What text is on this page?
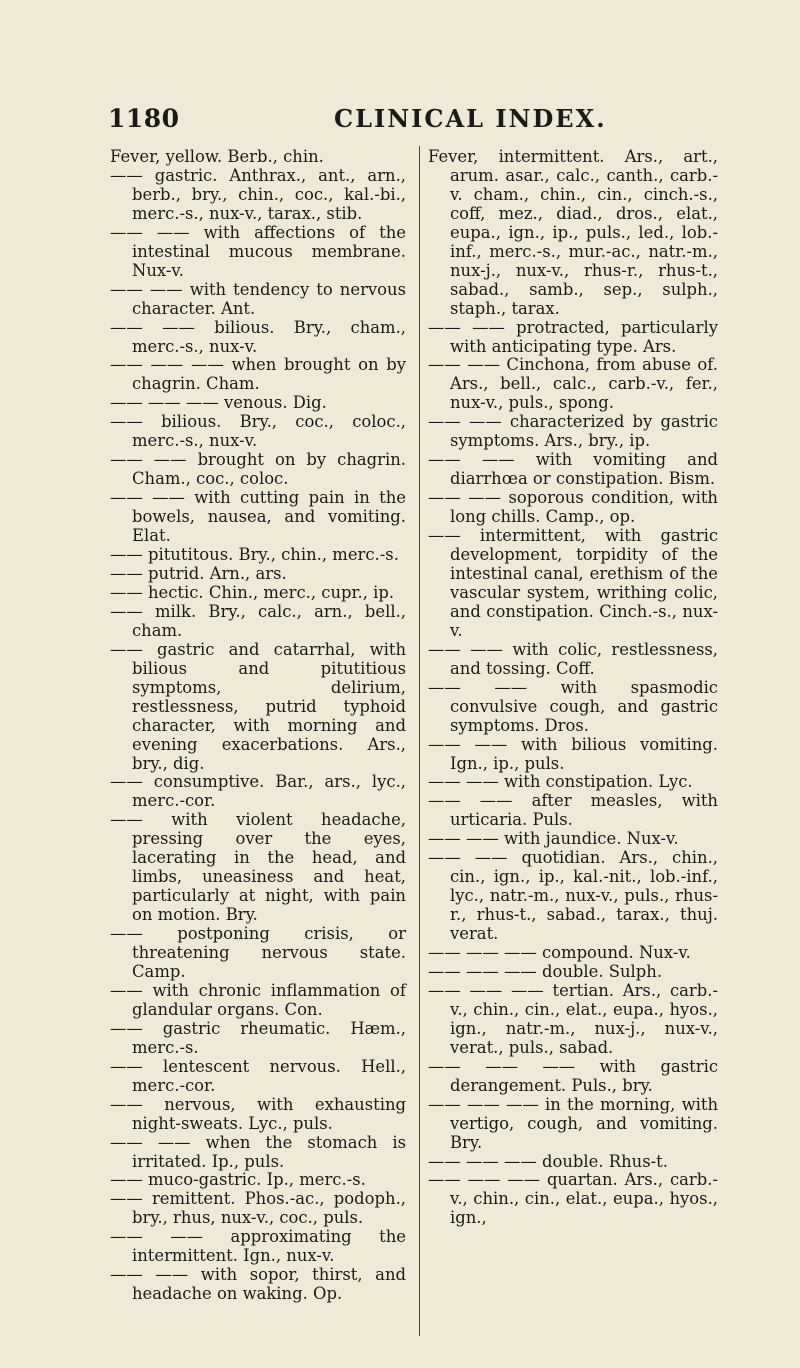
1180	CLINICAL INDEX.

Fever, yellow. Berb., chin.

—— gastric. Anthrax., ant., arn., berb., bry., chin., coc., kal.-bi., merc.-s., nux-v., tarax., stib.

—— —— with affections of the intestinal mucous membrane. Nux-v.

—— —— with tendency to nervous character. Ant.

—— —— bilious. Bry., cham., merc.-s., nux-v.

—— —— —— when brought on by chagrin. Cham.

—— —— —— venous. Dig.

—— bilious. Bry., coc., coloc., merc.-s., nux-v.

—— —— brought on by chagrin. Cham., coc., coloc.

—— —— with cutting pain in the bowels, nausea, and vomiting. Elat.

—— pitutitous. Bry., chin., merc.-s.

—— putrid. Arn., ars.

—— hectic. Chin., merc., cupr., ip.

—— milk. Bry., calc., arn., bell., cham.

—— gastric and catarrhal, with bilious and pitutitious symptoms, delirium, restlessness, putrid typhoid character, with morning and evening exacerbations. Ars., bry., dig.

—— consumptive. Bar., ars., lyc., merc.-cor.

—— with violent headache, pressing over the eyes, lacerating in the head, and limbs, uneasiness and heat, particularly at night, with pain on motion. Bry.

—— postponing crisis, or threatening nervous state. Camp.

—— with chronic inflammation of glandular organs. Con.

—— gastric rheumatic. Hæm., merc.-s.

—— lentescent nervous. Hell., merc.-cor.

—— nervous, with exhausting night-sweats. Lyc., puls.

—— —— when the stomach is irritated. Ip., puls.

—— muco-gastric. Ip., merc.-s.

—— remittent. Phos.-ac., podoph., bry., rhus, nux-v., coc., puls.

—— —— approximating the intermittent. Ign., nux-v.

—— —— with sopor, thirst, and headache on waking. Op.

Fever, intermittent. Ars., art., arum. asar., calc., canth., carb.-v. cham., chin., cin., cinch.-s., coff, mez., diad., dros., elat., eupa., ign., ip., puls., led., lob.-inf., merc.-s., mur.-ac., natr.-m., nux-j., nux-v., rhus-r., rhus-t., sabad., samb., sep., sulph., staph., tarax.

—— —— protracted, particularly with anticipating type. Ars.

—— —— Cinchona, from abuse of. Ars., bell., calc., carb.-v., fer., nux-v., puls., spong.

—— —— characterized by gastric symptoms. Ars., bry., ip.

—— —— with vomiting and diarrhœa or constipation. Bism.

—— —— soporous condition, with long chills. Camp., op.

—— intermittent, with gastric development, torpidity of the intestinal canal, erethism of the vascular system, writhing colic, and constipation. Cinch.-s., nux-v.

—— —— with colic, restlessness, and tossing. Coff.

—— —— with spasmodic convulsive cough, and gastric symptoms. Dros.

—— —— with bilious vomiting. Ign., ip., puls.

—— —— with constipation. Lyc.

—— —— after measles, with urticaria. Puls.

—— —— with jaundice. Nux-v.

—— —— quotidian. Ars., chin., cin., ign., ip., kal.-nit., lob.-inf., lyc., natr.-m., nux-v., puls., rhus-r., rhus-t., sabad., tarax., thuj. verat.

—— —— —— compound. Nux-v.

—— —— —— double. Sulph.

—— —— —— tertian. Ars., carb.-v., chin., cin., elat., eupa., hyos., ign., natr.-m., nux-j., nux-v., verat., puls., sabad.

—— —— —— with gastric derangement. Puls., bry.

—— —— —— in the morning, with vertigo, cough, and vomiting. Bry.

—— —— —— double. Rhus-t.

—— —— —— quartan. Ars., carb.-v., chin., cin., elat., eupa., hyos., ign.,
